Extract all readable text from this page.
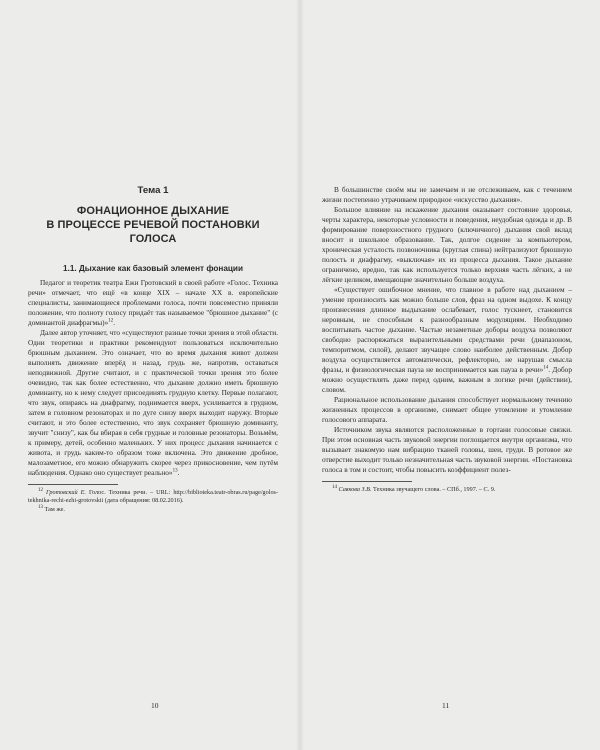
Тема 1
ФОНАЦИОННОЕ ДЫХАНИЕ
В ПРОЦЕССЕ РЕЧЕВОЙ ПОСТАНОВКИ ГОЛОСА
1.1. Дыхание как базовый элемент фонации

Педагог и теоретик театра Ежи Гротовский в своей работе «Голос. Техника речи» отмечает, что ещё «в конце XIX – начале XX в. европейские специалисты, занимающиеся проблемами голоса, почти повсеместно приняли положение, что полноту голосу придаёт так называемое "брюшное дыхание" (с доминантой диафрагмы)»$^{12}$.

Далее автор уточняет, что «существуют разные точки зрения в этой области. Одни теоретики и практики рекомендуют пользоваться исключительно брюшным дыханием. Это означает, что во время дыхания живот должен выполнять движение вперёд и назад, грудь же, напротив, оставаться неподвижной. Другие считают, и с практической точки зрения это более очевидно, так как более естественно, что дыхание должно иметь брюшную доминанту, но к нему следует присоединять грудную клетку. Первые полагают, что звук, опираясь на диафрагму, поднимается вверх, усиливается в грудном, затем в головном резонаторах и по дуге снизу вверх выходит наружу. Вторые считают, и это более естественно, что звук сохраняет брюшную доминанту, звучит "снизу", как бы вбирая в себя грудные и головные резонаторы. Возьмём, к примеру, детей, особенно маленьких. У них процесс дыхания начинается с живота, и грудь каким-то образом тоже включена. Это движение дробное, малозаметное, его можно обнаружить скорее через прикосновение, чем путём наблюдения. Однако оно существует реально»$^{13}$.

$^{12}$ Гротовский Е. Голос. Техника речи. – URL: http://biblioteka.teatr-obras.ru/page/golos-tekhnika-rechi-ezhi-grotovskii (дата обращения: 08.02.2016).

$^{13}$ Там же.

10

В большинстве своём мы не замечаем и не отслеживаем, как с течением жизни постепенно утрачиваем природное «искусство дыхания».

Большое влияние на искажение дыхания оказывает состояние здоровья, черты характера, некоторые условности и поведения, неудобная одежда и др. В формирование поверхностного грудного (ключичного) дыхания свой вклад вносит и школьное образование. Так, долгое сидение за компьютером, хроническая усталость позвоночника (круглая спина) нейтрализуют брюшную полость и диафрагму, «выключая» их из процесса дыхания. Такое дыхание ограничено, вредно, так как используется только верхняя часть лёгких, а не лёгкие целиком, вмещающие значительно больше воздуха.

«Существует ошибочное мнение, что главное в работе над дыханием – умение произносить как можно больше слов, фраз на одном выдохе. К концу произнесения длинное выдыхание ослабевает, голос тускнеет, становится неровным, не способным к разнообразным модуляциям. Необходимо воспитывать частое дыхание. Частые незаметные доборы воздуха позволяют свободно распоряжаться выразительными средствами речи (диапазоном, темпоритмом, силой), делают звучащее слово наиболее действенным. Добор воздуха осуществляется автоматически, рефлекторно, не нарушая смысла фразы, и физиологическая пауза не воспринимается как пауза в речи»$^{14}$. Добор можно осуществлять даже перед одним, важным в логике речи (действии), словом.

Рациональное использование дыхания способствует нормальному течению жизненных процессов в организме, снимает общее утомление и утомление голосового аппарата.

Источником звука являются расположенные в гортани голосовые связки. При этом основная часть звуковой энергии поглощается внутри организма, что вызывает знакомую нам вибрацию тканей головы, шеи, груди. В ротовое же отверстие выходит только незначительная часть звуковой энергии. «Постановка голоса в том и состоит, чтобы повысить коэффициент полез-

$^{14}$ Савкова З.В. Техника звучащего слова. – СПб., 1997. – С. 9.

11
